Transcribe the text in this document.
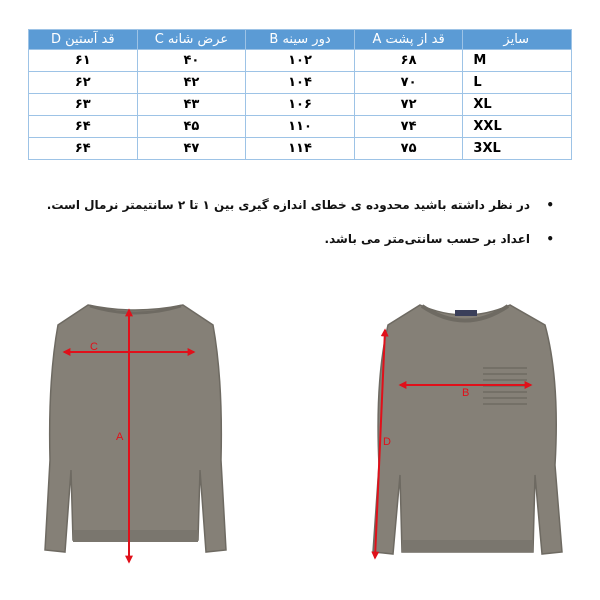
سایز	قد از پشت A	دور سینه B	عرض شانه C	قد آستین D
M	۶۸	۱۰۲	۴۰	۶۱
L	۷۰	۱۰۴	۴۲	۶۲
XL	۷۲	۱۰۶	۴۳	۶۳
XXL	۷۴	۱۱۰	۴۵	۶۴
3XL	۷۵	۱۱۴	۴۷	۶۴
•
در نظر داشته باشید محدوده ی خطای اندازه گیری بین ۱ تا ۲ سانتیمتر نرمال است.
•
اعداد بر حسب سانتی‌متر می باشد.
C
A
B
D
